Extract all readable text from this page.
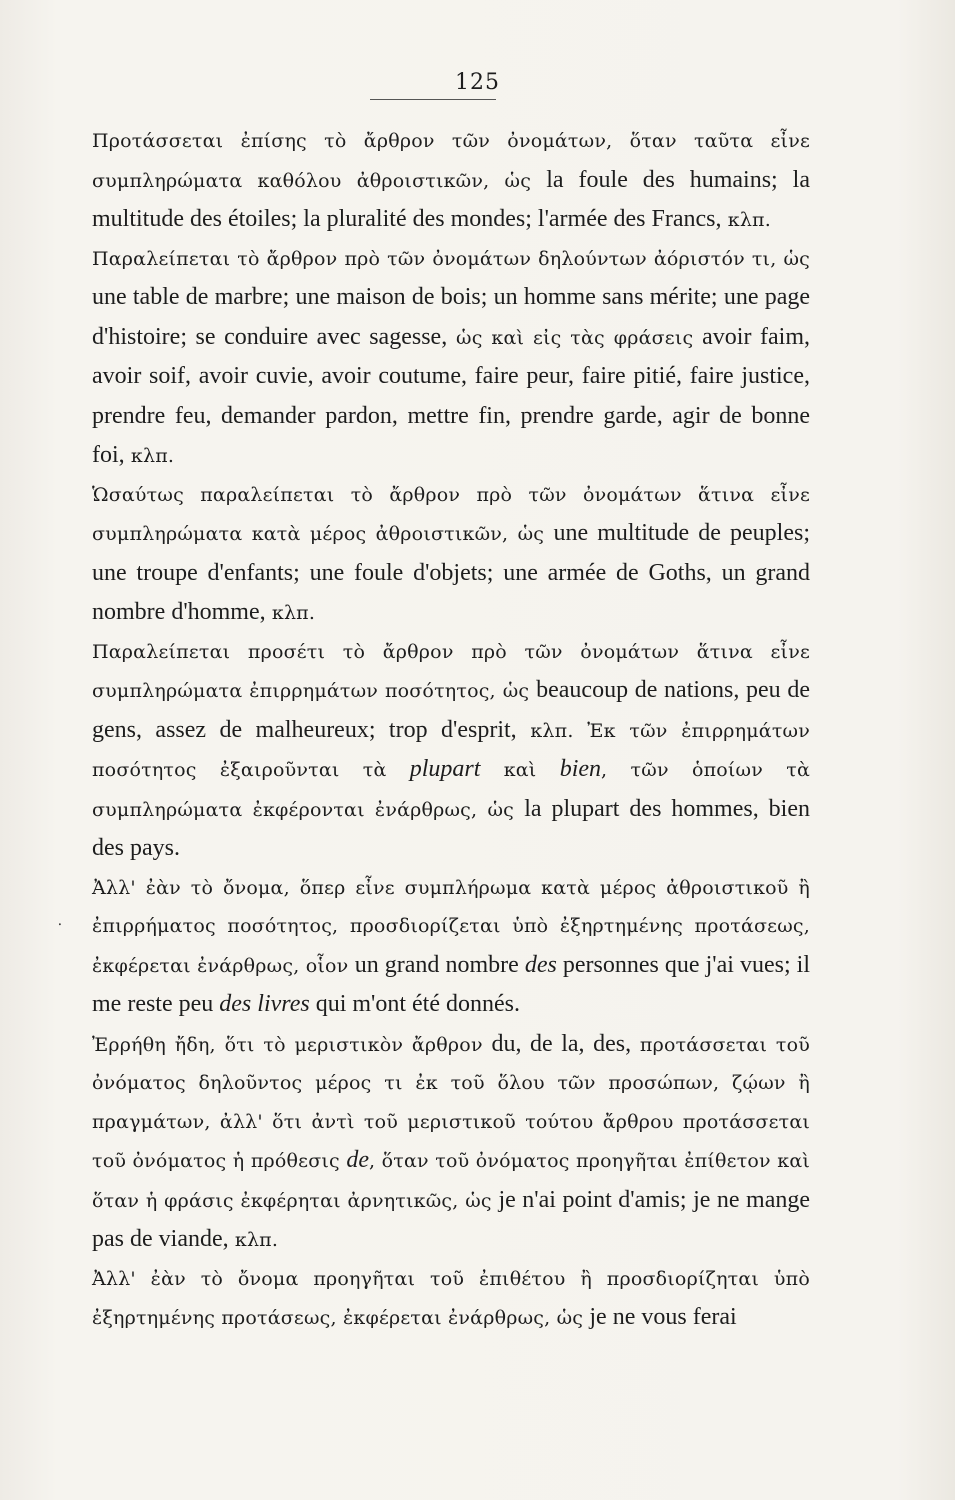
125
⸱

Προτάσσεται ἐπίσης τὸ ἄρθρον τῶν ὀνομάτων, ὅταν ταῦτα εἶνε συμπληρώματα καθόλου ἀθροιστικῶν, ὡς la foule des humains; la multitude des étoiles; la pluralité des mondes; l'armée des Francs, κλπ.

Παραλείπεται τὸ ἄρθρον πρὸ τῶν ὀνομάτων δηλούντων ἀόριστόν τι, ὡς une table de marbre; une maison de bois; un homme sans mérite; une page d'histoire; se conduire avec sagesse, ὡς καὶ εἰς τὰς φράσεις avoir faim, avoir soif, avoir cuvie, avoir coutume, faire peur, faire pitié, faire justice, prendre feu, demander pardon, mettre fin, prendre garde, agir de bonne foi, κλπ.

Ὡσαύτως παραλείπεται τὸ ἄρθρον πρὸ τῶν ὀνομάτων ἅτινα εἶνε συμπληρώματα κατὰ μέρος ἀθροιστικῶν, ὡς une multitude de peuples; une troupe d'enfants; une foule d'objets; une armée de Goths, un grand nombre d'homme, κλπ.

Παραλείπεται προσέτι τὸ ἄρθρον πρὸ τῶν ὀνομάτων ἅτινα εἶνε συμπληρώματα ἐπιρρημάτων ποσότητος, ὡς beaucoup de nations, peu de gens, assez de malheureux; trop d'esprit, κλπ. Ἐκ τῶν ἐπιρρημάτων ποσότητος ἐξαιροῦνται τὰ plupart καὶ bien, τῶν ὁποίων τὰ συμπληρώματα ἐκφέρονται ἐνάρθρως, ὡς la plupart des hommes, bien des pays.

Ἀλλ' ἐὰν τὸ ὄνομα, ὅπερ εἶνε συμπλήρωμα κατὰ μέρος ἀθροιστικοῦ ἢ ἐπιρρήματος ποσότητος, προσδιορίζεται ὑπὸ ἐξηρτημένης προτάσεως, ἐκφέρεται ἐνάρθρως, οἷον un grand nombre des personnes que j'ai vues; il me reste peu des livres qui m'ont été donnés.

Ἐρρήθη ἤδη, ὅτι τὸ μεριστικὸν ἄρθρον du, de la, des, προτάσσεται τοῦ ὀνόματος δηλοῦντος μέρος τι ἐκ τοῦ ὅλου τῶν προσώπων, ζῴων ἢ πραγμάτων, ἀλλ' ὅτι ἀντὶ τοῦ μεριστικοῦ τούτου ἄρθρου προτάσσεται τοῦ ὀνόματος ἡ πρόθεσις de, ὅταν τοῦ ὀνόματος προηγῆται ἐπίθετον καὶ ὅταν ἡ φράσις ἐκφέρηται ἀρνητικῶς, ὡς je n'ai point d'amis; je ne mange pas de viande, κλπ.

Ἀλλ' ἐὰν τὸ ὄνομα προηγῆται τοῦ ἐπιθέτου ἢ προσδιορίζηται ὑπὸ ἐξηρτημένης προτάσεως, ἐκφέρεται ἐνάρθρως, ὡς je ne vous ferai
